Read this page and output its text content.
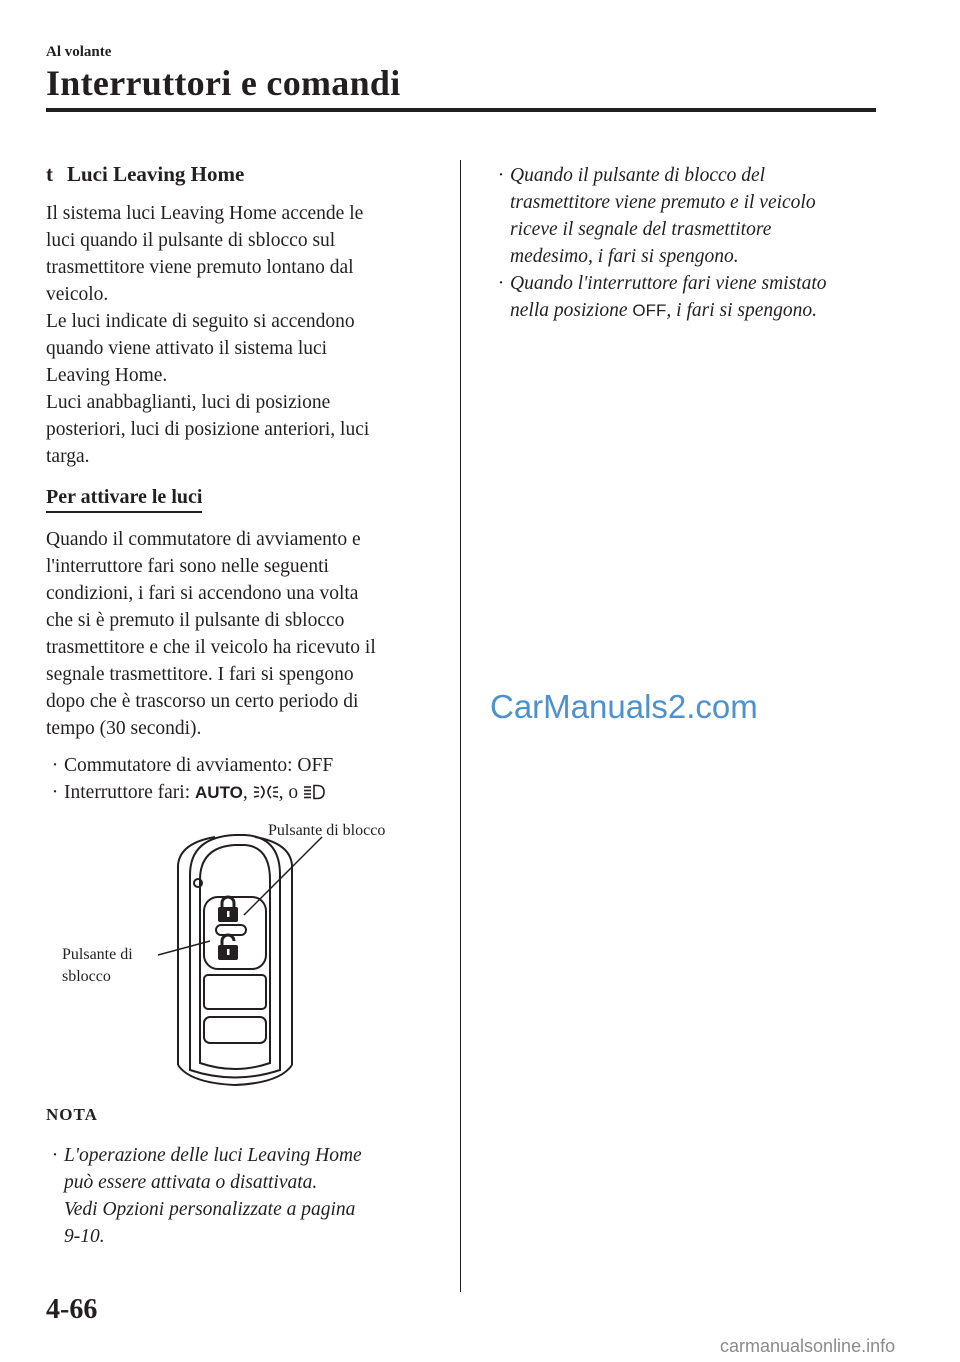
Al volante
Interruttori e comandi
t Luci Leaving Home
Il sistema luci Leaving Home accende le
luci quando il pulsante di sblocco sul
trasmettitore viene premuto lontano dal
veicolo.
Le luci indicate di seguito si accendono
quando viene attivato il sistema luci
Leaving Home.
Luci anabbaglianti, luci di posizione
posteriori, luci di posizione anteriori, luci
targa.
Per attivare le luci
Quando il commutatore di avviamento e
l'interruttore fari sono nelle seguenti
condizioni, i fari si accendono una volta
che si è premuto il pulsante di sblocco
trasmettitore e che il veicolo ha ricevuto il
segnale trasmettitore. I fari si spengono
dopo che è trascorso un certo periodo di
tempo (30 secondi).
· Commutatore di avviamento: OFF
· Interruttore fari: AUTO, , o
Pulsante di blocco
Pulsante di
sblocco
NOTA
· L'operazione delle luci Leaving Home
può essere attivata o disattivata.
Vedi Opzioni personalizzate a pagina
9-10.
· Quando il pulsante di blocco del
trasmettitore viene premuto e il veicolo
riceve il segnale del trasmettitore
medesimo, i fari si spengono.
· Quando l'interruttore fari viene smistato
nella posizione OFF, i fari si spengono.
CarManuals2.com
4-66
carmanualsonline.info
